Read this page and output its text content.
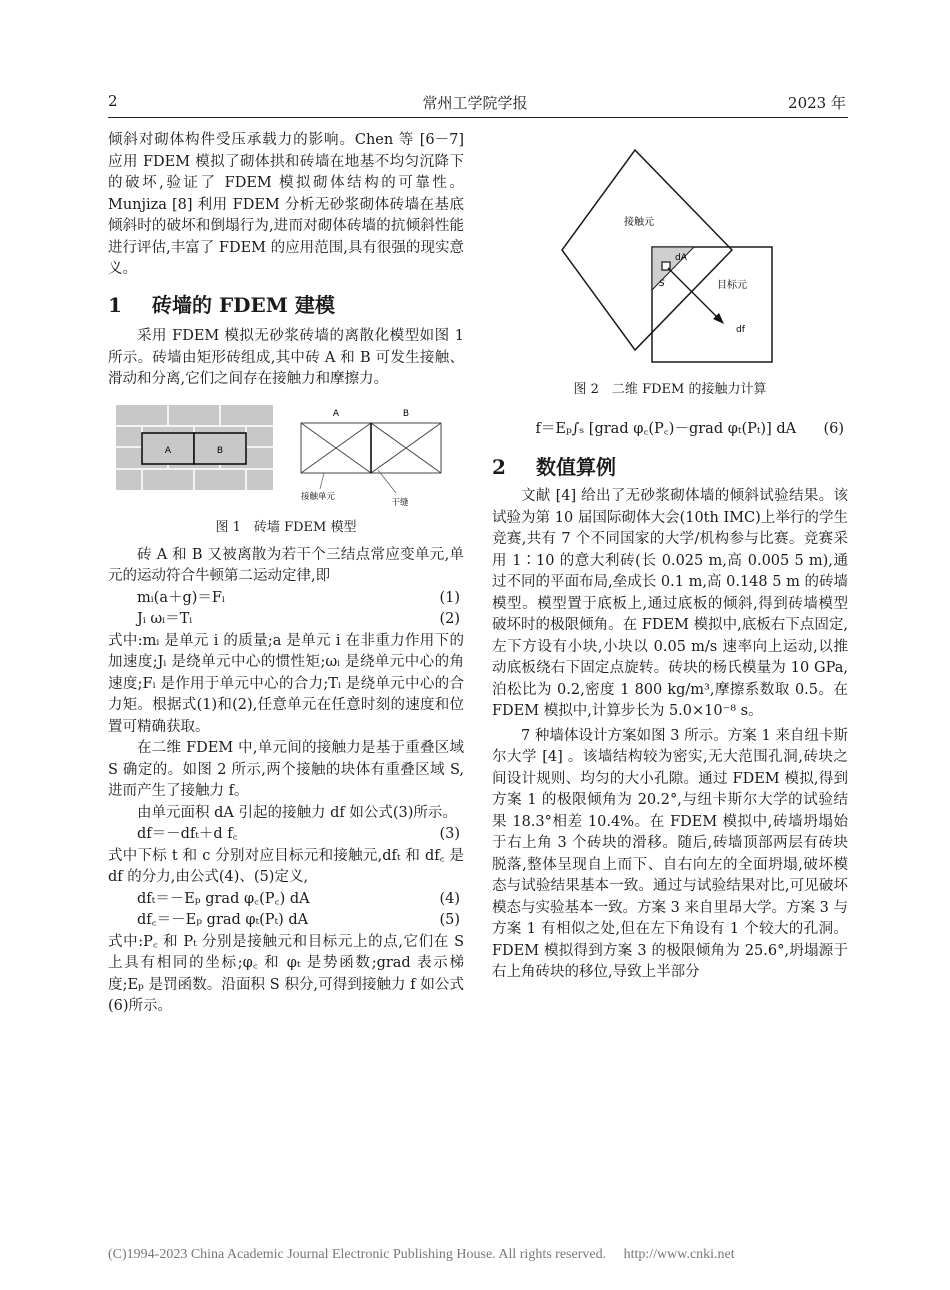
2	常州工学院学报	2023 年

倾斜对砌体构件受压承载力的影响。Chen 等 [6－7] 应用 FDEM 模拟了砌体拱和砖墙在地基不均匀沉降下的破坏,验证了 FDEM 模拟砌体结构的可靠性。Munjiza [8] 利用 FDEM 分析无砂浆砌体砖墙在基底倾斜时的破坏和倒塌行为,进而对砌体砖墙的抗倾斜性能进行评估,丰富了 FDEM 的应用范围,具有很强的现实意义。

1 砖墙的 FDEM 建模

采用 FDEM 模拟无砂浆砖墙的离散化模型如图 1 所示。砖墙由矩形砖组成,其中砖 A 和 B 可发生接触、滑动和分离,它们之间存在接触力和摩擦力。

A	B
A	B
接触单元
干缝
图 1　砖墙 FDEM 模型

砖 A 和 B 又被离散为若干个三结点常应变单元,单元的运动符合牛顿第二运动定律,即

mᵢ(a＋g)＝Fᵢ	(1)
Jᵢ ωᵢ＝Tᵢ	(2)

式中:mᵢ 是单元 i 的质量;a 是单元 i 在非重力作用下的加速度;Jᵢ 是绕单元中心的惯性矩;ωᵢ 是绕单元中心的角速度;Fᵢ 是作用于单元中心的合力;Tᵢ 是绕单元中心的合力矩。根据式(1)和(2),任意单元在任意时刻的速度和位置可精确获取。

在二维 FDEM 中,单元间的接触力是基于重叠区域 S 确定的。如图 2 所示,两个接触的块体有重叠区域 S,进而产生了接触力 f。

由单元面积 dA 引起的接触力 df 如公式(3)所示。

df＝－dfₜ＋d f꜀	(3)

式中下标 t 和 c 分别对应目标元和接触元,dfₜ 和 df꜀ 是 df 的分力,由公式(4)、(5)定义,

dfₜ＝－Eₚ grad φ꜀(P꜀) dA	(4)
df꜀＝－Eₚ grad φₜ(Pₜ) dA	(5)

式中:P꜀ 和 Pₜ 分别是接触元和目标元上的点,它们在 S 上具有相同的坐标;φ꜀ 和 φₜ 是势函数;grad 表示梯度;Eₚ 是罚函数。沿面积 S 积分,可得到接触力 f 如公式(6)所示。

接触元
目标元
dA
S
df
图 2　二维 FDEM 的接触力计算
f＝Eₚ∫ₛ [grad φ꜀(P꜀)－grad φₜ(Pₜ)] dA (6)
2 数值算例

文献 [4] 给出了无砂浆砌体墙的倾斜试验结果。该试验为第 10 届国际砌体大会(10th IMC)上举行的学生竞赛,共有 7 个不同国家的大学/机构参与比赛。竞赛采用 1∶10 的意大利砖(长 0.025 m,高 0.005 5 m),通过不同的平面布局,垒成长 0.1 m,高 0.148 5 m 的砖墙模型。模型置于底板上,通过底板的倾斜,得到砖墙模型破坏时的极限倾角。在 FDEM 模拟中,底板右下点固定,左下方设有小块,小块以 0.05 m/s 速率向上运动,以推动底板绕右下固定点旋转。砖块的杨氏模量为 10 GPa,泊松比为 0.2,密度 1 800 kg/m³,摩擦系数取 0.5。在 FDEM 模拟中,计算步长为 5.0×10⁻⁸ s。

7 种墙体设计方案如图 3 所示。方案 1 来自纽卡斯尔大学 [4] 。该墙结构较为密实,无大范围孔洞,砖块之间设计规则、均匀的大小孔隙。通过 FDEM 模拟,得到方案 1 的极限倾角为 20.2°,与纽卡斯尔大学的试验结果 18.3°相差 10.4%。在 FDEM 模拟中,砖墙坍塌始于右上角 3 个砖块的滑移。随后,砖墙顶部两层有砖块脱落,整体呈现自上而下、自右向左的全面坍塌,破坏模态与试验结果基本一致。通过与试验结果对比,可见破坏模态与实验基本一致。方案 3 来自里昂大学。方案 3 与方案 1 有相似之处,但在左下角设有 1 个较大的孔洞。FDEM 模拟得到方案 3 的极限倾角为 25.6°,坍塌源于右上角砖块的移位,导致上半部分

(C)1994-2023 China Academic Journal Electronic Publishing House. All rights reserved.　 http://www.cnki.net
